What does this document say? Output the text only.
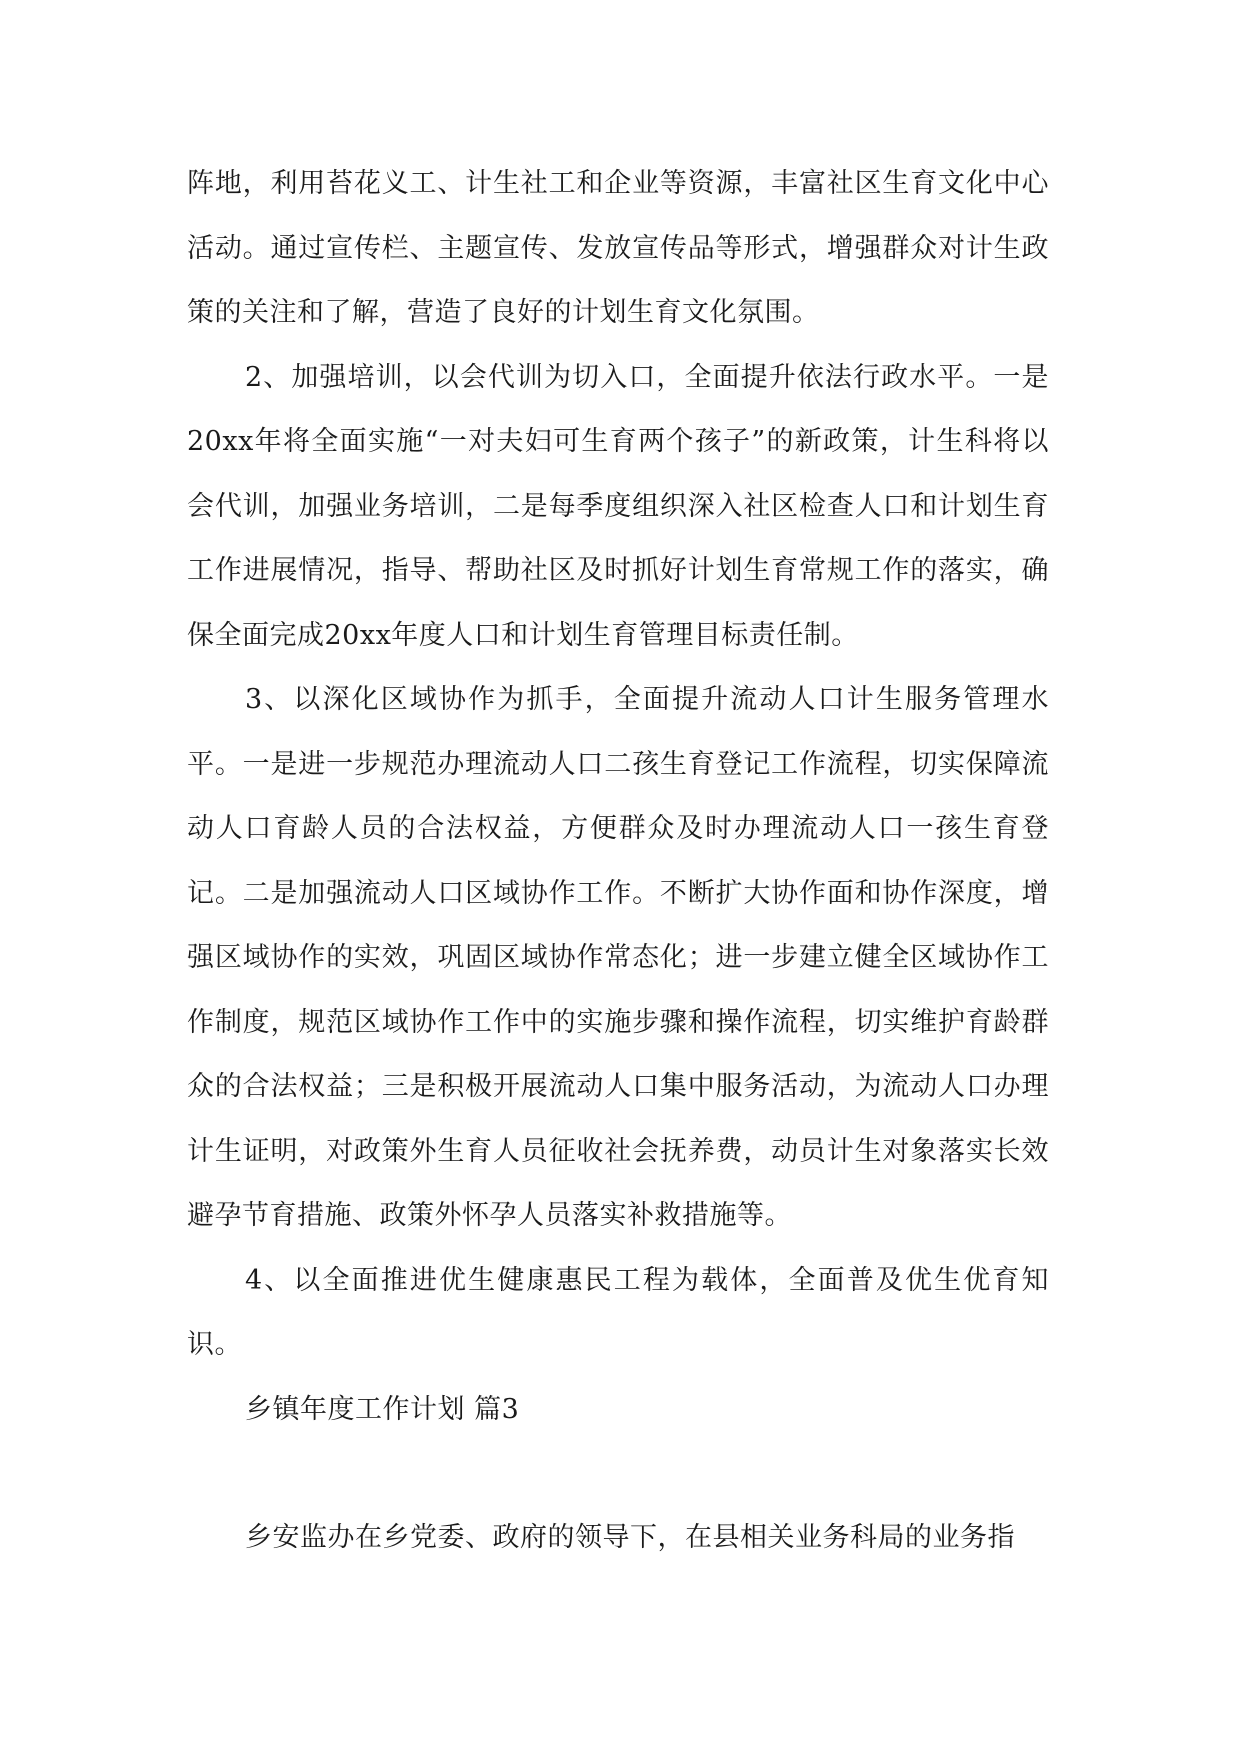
阵地，利用苔花义工、计生社工和企业等资源，丰富社区生育文化中心活动。通过宣传栏、主题宣传、发放宣传品等形式，增强群众对计生政策的关注和了解，营造了良好的计划生育文化氛围。

2、加强培训，以会代训为切入口，全面提升依法行政水平。一是20xx年将全面实施“一对夫妇可生育两个孩子”的新政策，计生科将以会代训，加强业务培训，二是每季度组织深入社区检查人口和计划生育工作进展情况，指导、帮助社区及时抓好计划生育常规工作的落实，确保全面完成20xx年度人口和计划生育管理目标责任制。

3、以深化区域协作为抓手，全面提升流动人口计生服务管理水平。一是进一步规范办理流动人口二孩生育登记工作流程，切实保障流动人口育龄人员的合法权益，方便群众及时办理流动人口一孩生育登记。二是加强流动人口区域协作工作。不断扩大协作面和协作深度，增强区域协作的实效，巩固区域协作常态化；进一步建立健全区域协作工作制度，规范区域协作工作中的实施步骤和操作流程，切实维护育龄群众的合法权益；三是积极开展流动人口集中服务活动，为流动人口办理计生证明，对政策外生育人员征收社会抚养费，动员计生对象落实长效避孕节育措施、政策外怀孕人员落实补救措施等。

4、以全面推进优生健康惠民工程为载体，全面普及优生优育知识。

乡镇年度工作计划 篇3

乡安监办在乡党委、政府的领导下，在县相关业务科局的业务指
